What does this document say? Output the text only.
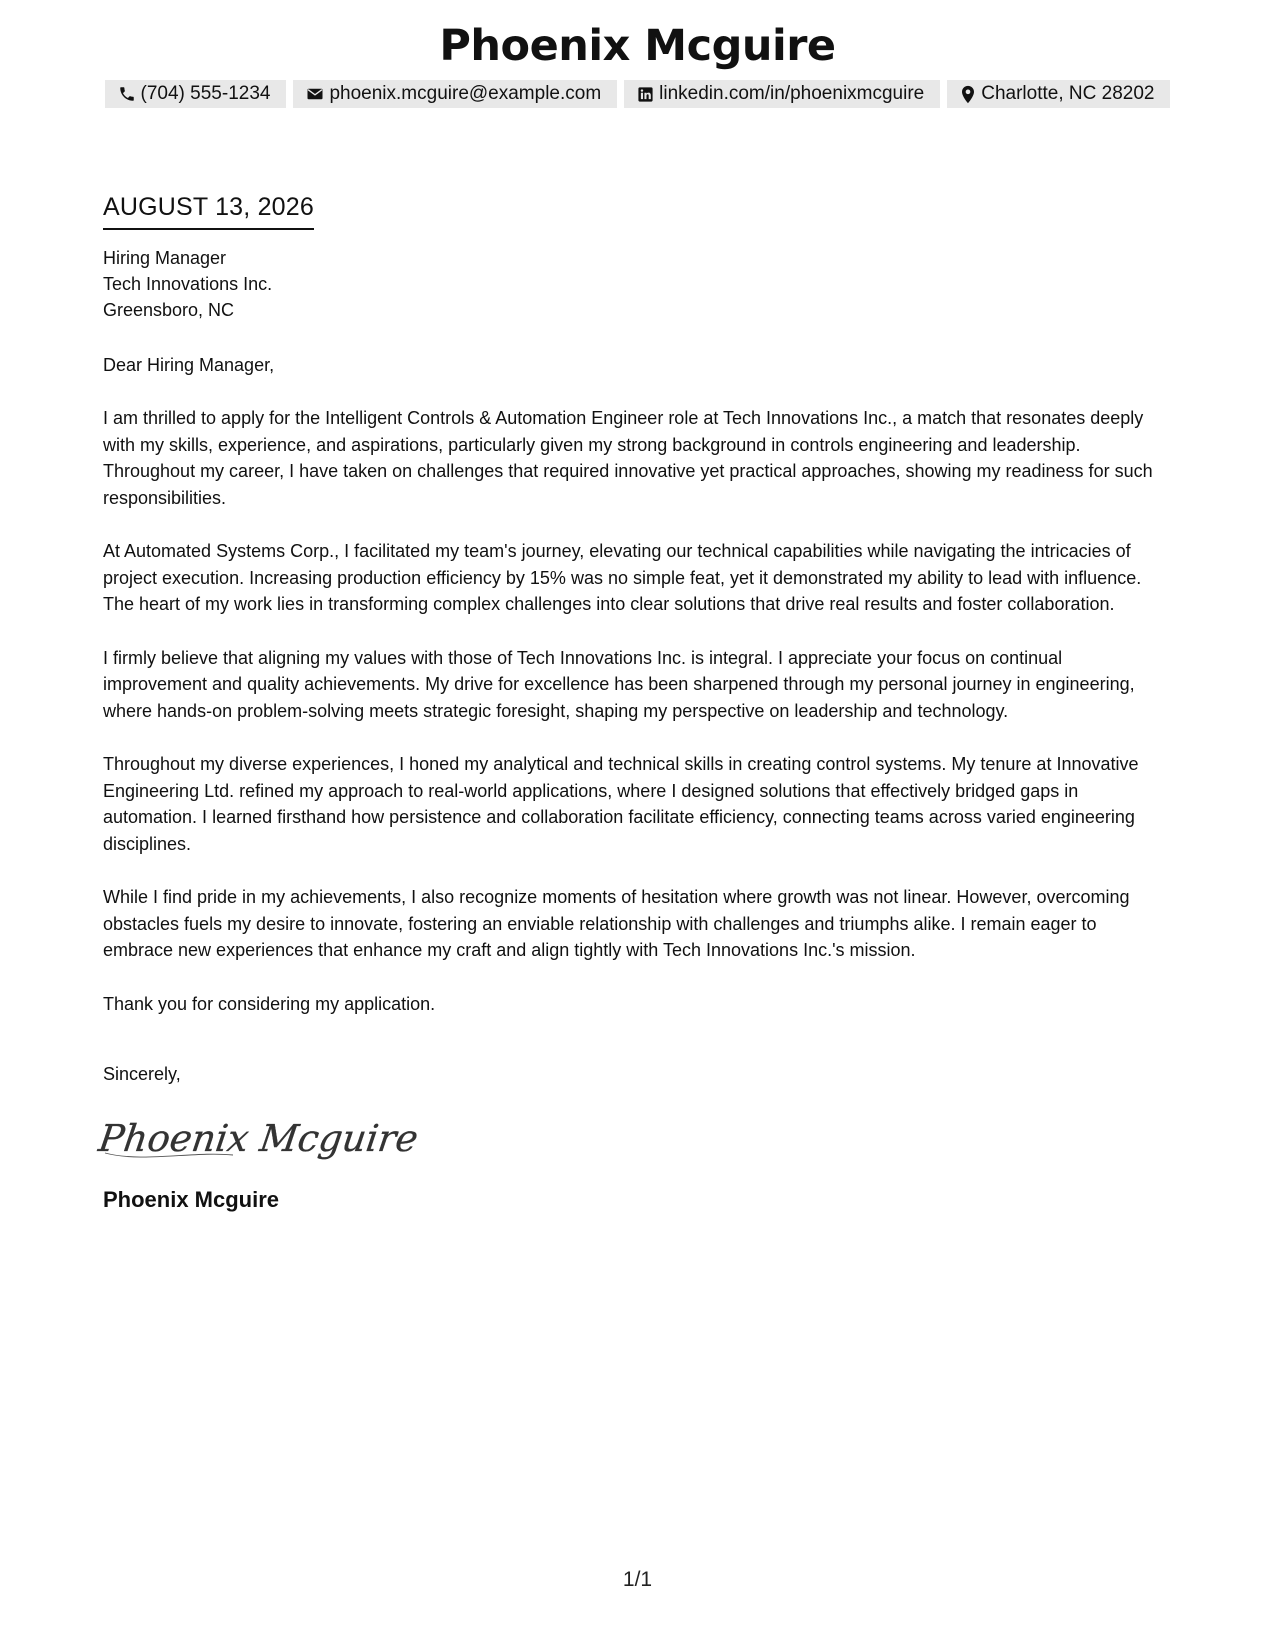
Phoenix Mcguire
(704) 555-1234	phoenix.mcguire@example.com	linkedin.com/in/phoenixmcguire	Charlotte, NC 28202
AUGUST 13, 2026
Hiring Manager
Tech Innovations Inc.
Greensboro, NC
Dear Hiring Manager,
I am thrilled to apply for the Intelligent Controls & Automation Engineer role at Tech Innovations Inc., a match that resonates deeply with my skills, experience, and aspirations, particularly given my strong background in controls engineering and leadership. Throughout my career, I have taken on challenges that required innovative yet practical approaches, showing my readiness for such responsibilities.
At Automated Systems Corp., I facilitated my team's journey, elevating our technical capabilities while navigating the intricacies of project execution. Increasing production efficiency by 15% was no simple feat, yet it demonstrated my ability to lead with influence. The heart of my work lies in transforming complex challenges into clear solutions that drive real results and foster collaboration.
I firmly believe that aligning my values with those of Tech Innovations Inc. is integral. I appreciate your focus on continual improvement and quality achievements. My drive for excellence has been sharpened through my personal journey in engineering, where hands-on problem-solving meets strategic foresight, shaping my perspective on leadership and technology.
Throughout my diverse experiences, I honed my analytical and technical skills in creating control systems. My tenure at Innovative Engineering Ltd. refined my approach to real-world applications, where I designed solutions that effectively bridged gaps in automation. I learned firsthand how persistence and collaboration facilitate efficiency, connecting teams across varied engineering disciplines.
While I find pride in my achievements, I also recognize moments of hesitation where growth was not linear. However, overcoming obstacles fuels my desire to innovate, fostering an enviable relationship with challenges and triumphs alike. I remain eager to embrace new experiences that enhance my craft and align tightly with Tech Innovations Inc.'s mission.
Thank you for considering my application.
Sincerely,
Phoenix Mcguire
Phoenix Mcguire
1/1
